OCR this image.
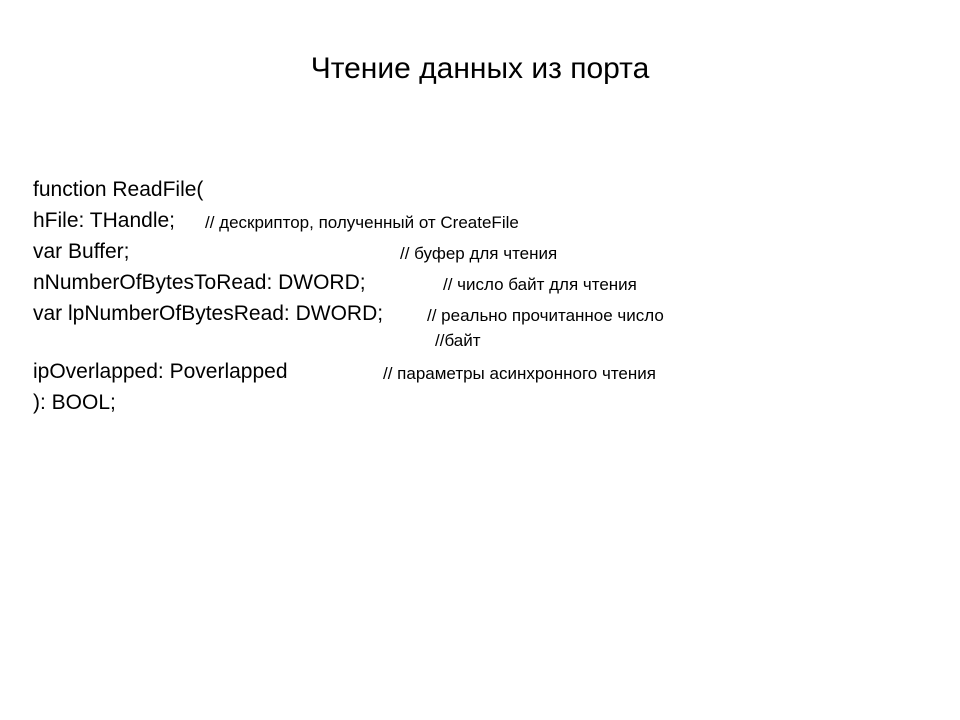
Чтение данных из порта
function ReadFile(
hFile: THandle; // дескриптор, полученный от CreateFile
var Buffer;	// буфер для чтения
nNumberOfBytesToRead: DWORD;	// число байт для чтения
var lpNumberOfBytesRead: DWORD;	// реально прочитанное число
//байт
ipOverlapped: Poverlapped	// параметры асинхронного чтения
): BOOL;
